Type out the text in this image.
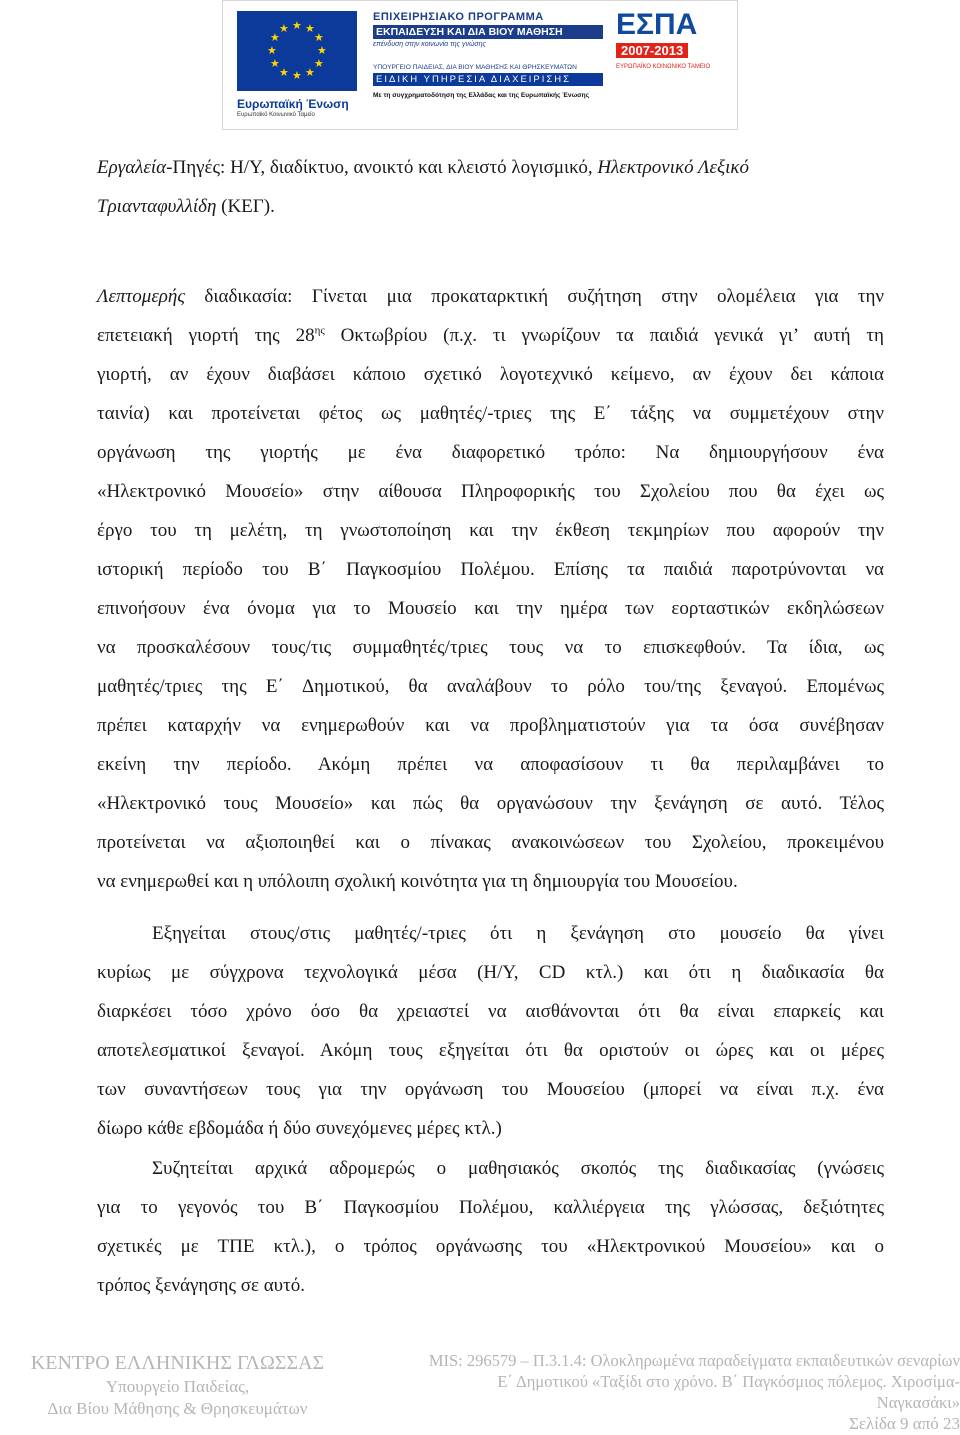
★ ★
★
★
★
★
★
★
★
★
★
★
Ευρωπαϊκή Ένωση
Ευρωπαϊκό Κοινωνικό Ταμείο
ΕΠΙΧΕΙΡΗΣΙΑΚΟ ΠΡΟΓΡΑΜΜΑ
ΕΚΠΑΙΔΕΥΣΗ ΚΑΙ ΔΙΑ ΒΙΟΥ ΜΑΘΗΣΗ
επένδυση στην κοινωνία της γνώσης
ΥΠΟΥΡΓΕΙΟ ΠΑΙΔΕΙΑΣ, ΔΙΑ ΒΙΟΥ ΜΑΘΗΣΗΣ ΚΑΙ ΘΡΗΣΚΕΥΜΑΤΩΝ
ΕΙΔΙΚΗ ΥΠΗΡΕΣΙΑ ΔΙΑΧΕΙΡΙΣΗΣ
Με τη συγχρηματοδότηση της Ελλάδας και της Ευρωπαϊκής Ένωσης
ΕΣΠΑ
2007-2013
ΕΥΡΩΠΑΪΚΟ ΚΟΙΝΩΝΙΚΟ ΤΑΜΕΙΟ
Εργαλεία-Πηγές: Η/Υ, διαδίκτυο, ανοικτό και κλειστό λογισμικό, Ηλεκτρονικό Λεξικό
Τριανταφυλλίδη (ΚΕΓ).
Λεπτομερής διαδικασία: Γίνεται μια προκαταρκτική συζήτηση στην ολομέλεια για την
επετειακή γιορτή της $28^{\eta\varsigma}$ Οκτωβρίου (π.χ. τι γνωρίζουν τα παιδιά γενικά γι’ αυτή τη
γιορτή, αν έχουν διαβάσει κάποιο σχετικό λογοτεχνικό κείμενο, αν έχουν δει κάποια
ταινία) και προτείνεται φέτος ως μαθητές/-τριες της Ε΄ τάξης να συμμετέχουν στην
οργάνωση της γιορτής με ένα διαφορετικό τρόπο: Να δημιουργήσουν ένα
«Ηλεκτρονικό Μουσείο» στην αίθουσα Πληροφορικής του Σχολείου που θα έχει ως
έργο του τη μελέτη, τη γνωστοποίηση και την έκθεση τεκμηρίων που αφορούν την
ιστορική περίοδο του Β΄ Παγκοσμίου Πολέμου. Επίσης τα παιδιά παροτρύνονται να
επινοήσουν ένα όνομα για το Μουσείο και την ημέρα των εορταστικών εκδηλώσεων
να προσκαλέσουν τους/τις συμμαθητές/τριες τους να το επισκεφθούν. Τα ίδια, ως
μαθητές/τριες της Ε΄ Δημοτικού, θα αναλάβουν το ρόλο του/της ξεναγού. Επομένως
πρέπει καταρχήν να ενημερωθούν και να προβληματιστούν για τα όσα συνέβησαν
εκείνη την περίοδο. Ακόμη πρέπει να αποφασίσουν τι θα περιλαμβάνει το
«Ηλεκτρονικό τους Μουσείο» και πώς θα οργανώσουν την ξενάγηση σε αυτό. Τέλος
προτείνεται να αξιοποιηθεί και ο πίνακας ανακοινώσεων του Σχολείου, προκειμένου
να ενημερωθεί και η υπόλοιπη σχολική κοινότητα για τη δημιουργία του Μουσείου.
Εξηγείται στους/στις μαθητές/-τριες ότι η ξενάγηση στο μουσείο θα γίνει
κυρίως με σύγχρονα τεχνολογικά μέσα (Η/Υ, CD κτλ.) και ότι η διαδικασία θα
διαρκέσει τόσο χρόνο όσο θα χρειαστεί να αισθάνονται ότι θα είναι επαρκείς και
αποτελεσματικοί ξεναγοί. Ακόμη τους εξηγείται ότι θα οριστούν οι ώρες και οι μέρες
των συναντήσεων τους για την οργάνωση του Μουσείου (μπορεί να είναι π.χ. ένα
δίωρο κάθε εβδομάδα ή δύο συνεχόμενες μέρες κτλ.)
Συζητείται αρχικά αδρομερώς ο μαθησιακός σκοπός της διαδικασίας (γνώσεις
για το γεγονός του Β΄ Παγκοσμίου Πολέμου, καλλιέργεια της γλώσσας, δεξιότητες
σχετικές με ΤΠΕ κτλ.), ο τρόπος οργάνωσης του «Ηλεκτρονικού Μουσείου» και ο
τρόπος ξενάγησης σε αυτό.
ΚΕΝΤΡΟ ΕΛΛΗΝΙΚΗΣ ΓΛΩΣΣΑΣ
Υπουργείο Παιδείας,
Δια Βίου Μάθησης & Θρησκευμάτων
MIS: 296579 – Π.3.1.4: Ολοκληρωμένα παραδείγματα εκπαιδευτικών σεναρίων
Ε΄ Δημοτικού «Ταξίδι στο χρόνο. Β΄ Παγκόσμιος πόλεμος. Χιροσίμα-
Ναγκασάκι»
Σελίδα 9 από 23
